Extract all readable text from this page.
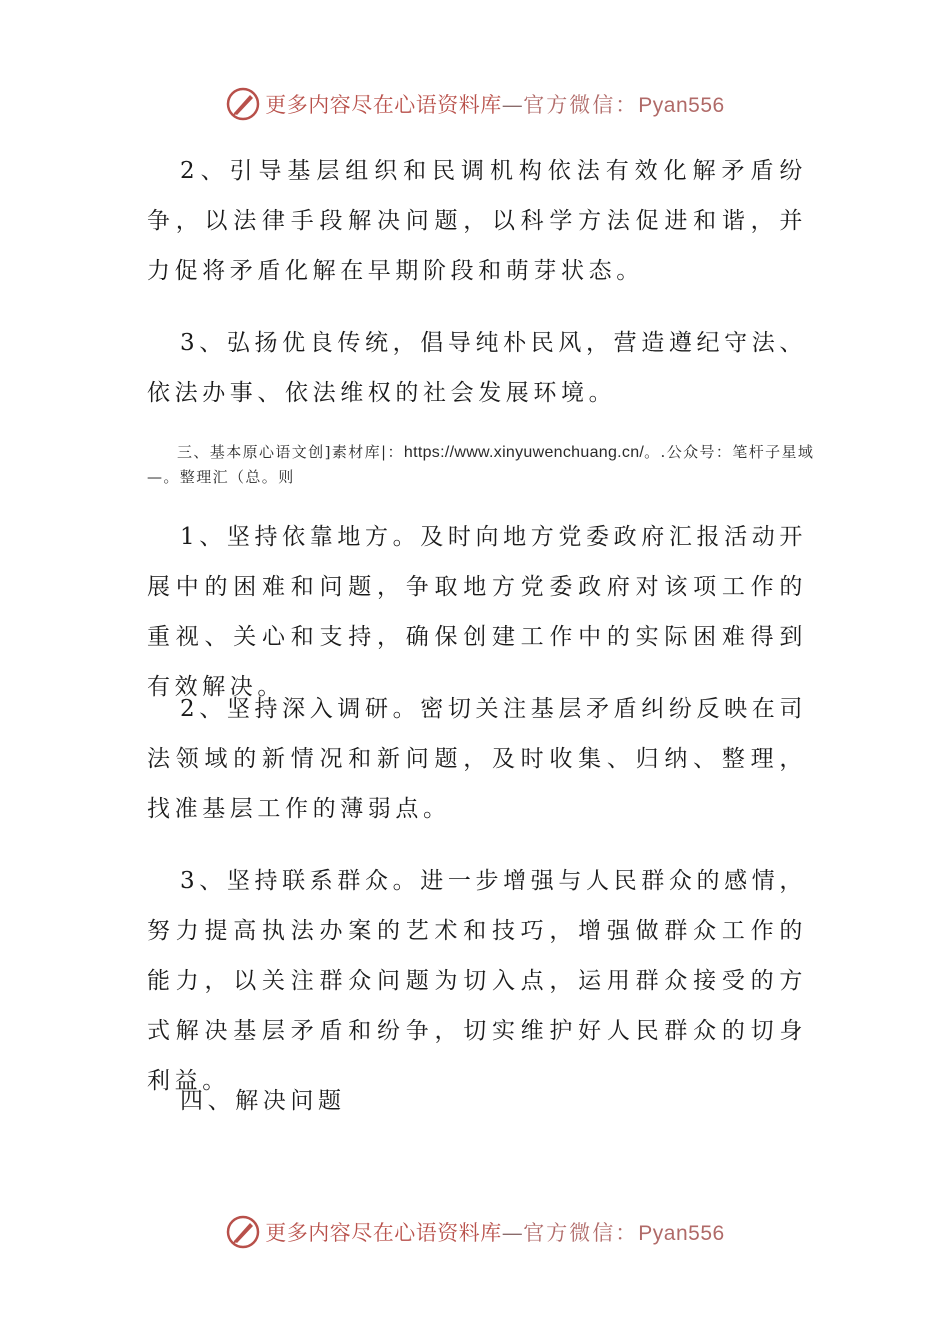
更多内容尽在心语资料库—官方微信：Pyan556

2、引导基层组织和民调机构依法有效化解矛盾纷争，以法律手段解决问题，以科学方法促进和谐，并力促将矛盾化解在早期阶段和萌芽状态。

3、弘扬优良传统，倡导纯朴民风，营造遵纪守法、依法办事、依法维权的社会发展环境。

三、基本原心语文创]素材库|：https://www.xinyuwenchuang.cn/。.公众号：笔杆子星域—。整理汇（总。则

1、坚持依靠地方。及时向地方党委政府汇报活动开展中的困难和问题，争取地方党委政府对该项工作的重视、关心和支持，确保创建工作中的实际困难得到有效解决。

2、坚持深入调研。密切关注基层矛盾纠纷反映在司法领域的新情况和新问题，及时收集、归纳、整理，找准基层工作的薄弱点。

3、坚持联系群众。进一步增强与人民群众的感情，努力提高执法办案的艺术和技巧，增强做群众工作的能力，以关注群众问题为切入点，运用群众接受的方式解决基层矛盾和纷争，切实维护好人民群众的切身利益。

四、解决问题

更多内容尽在心语资料库—官方微信：Pyan556
